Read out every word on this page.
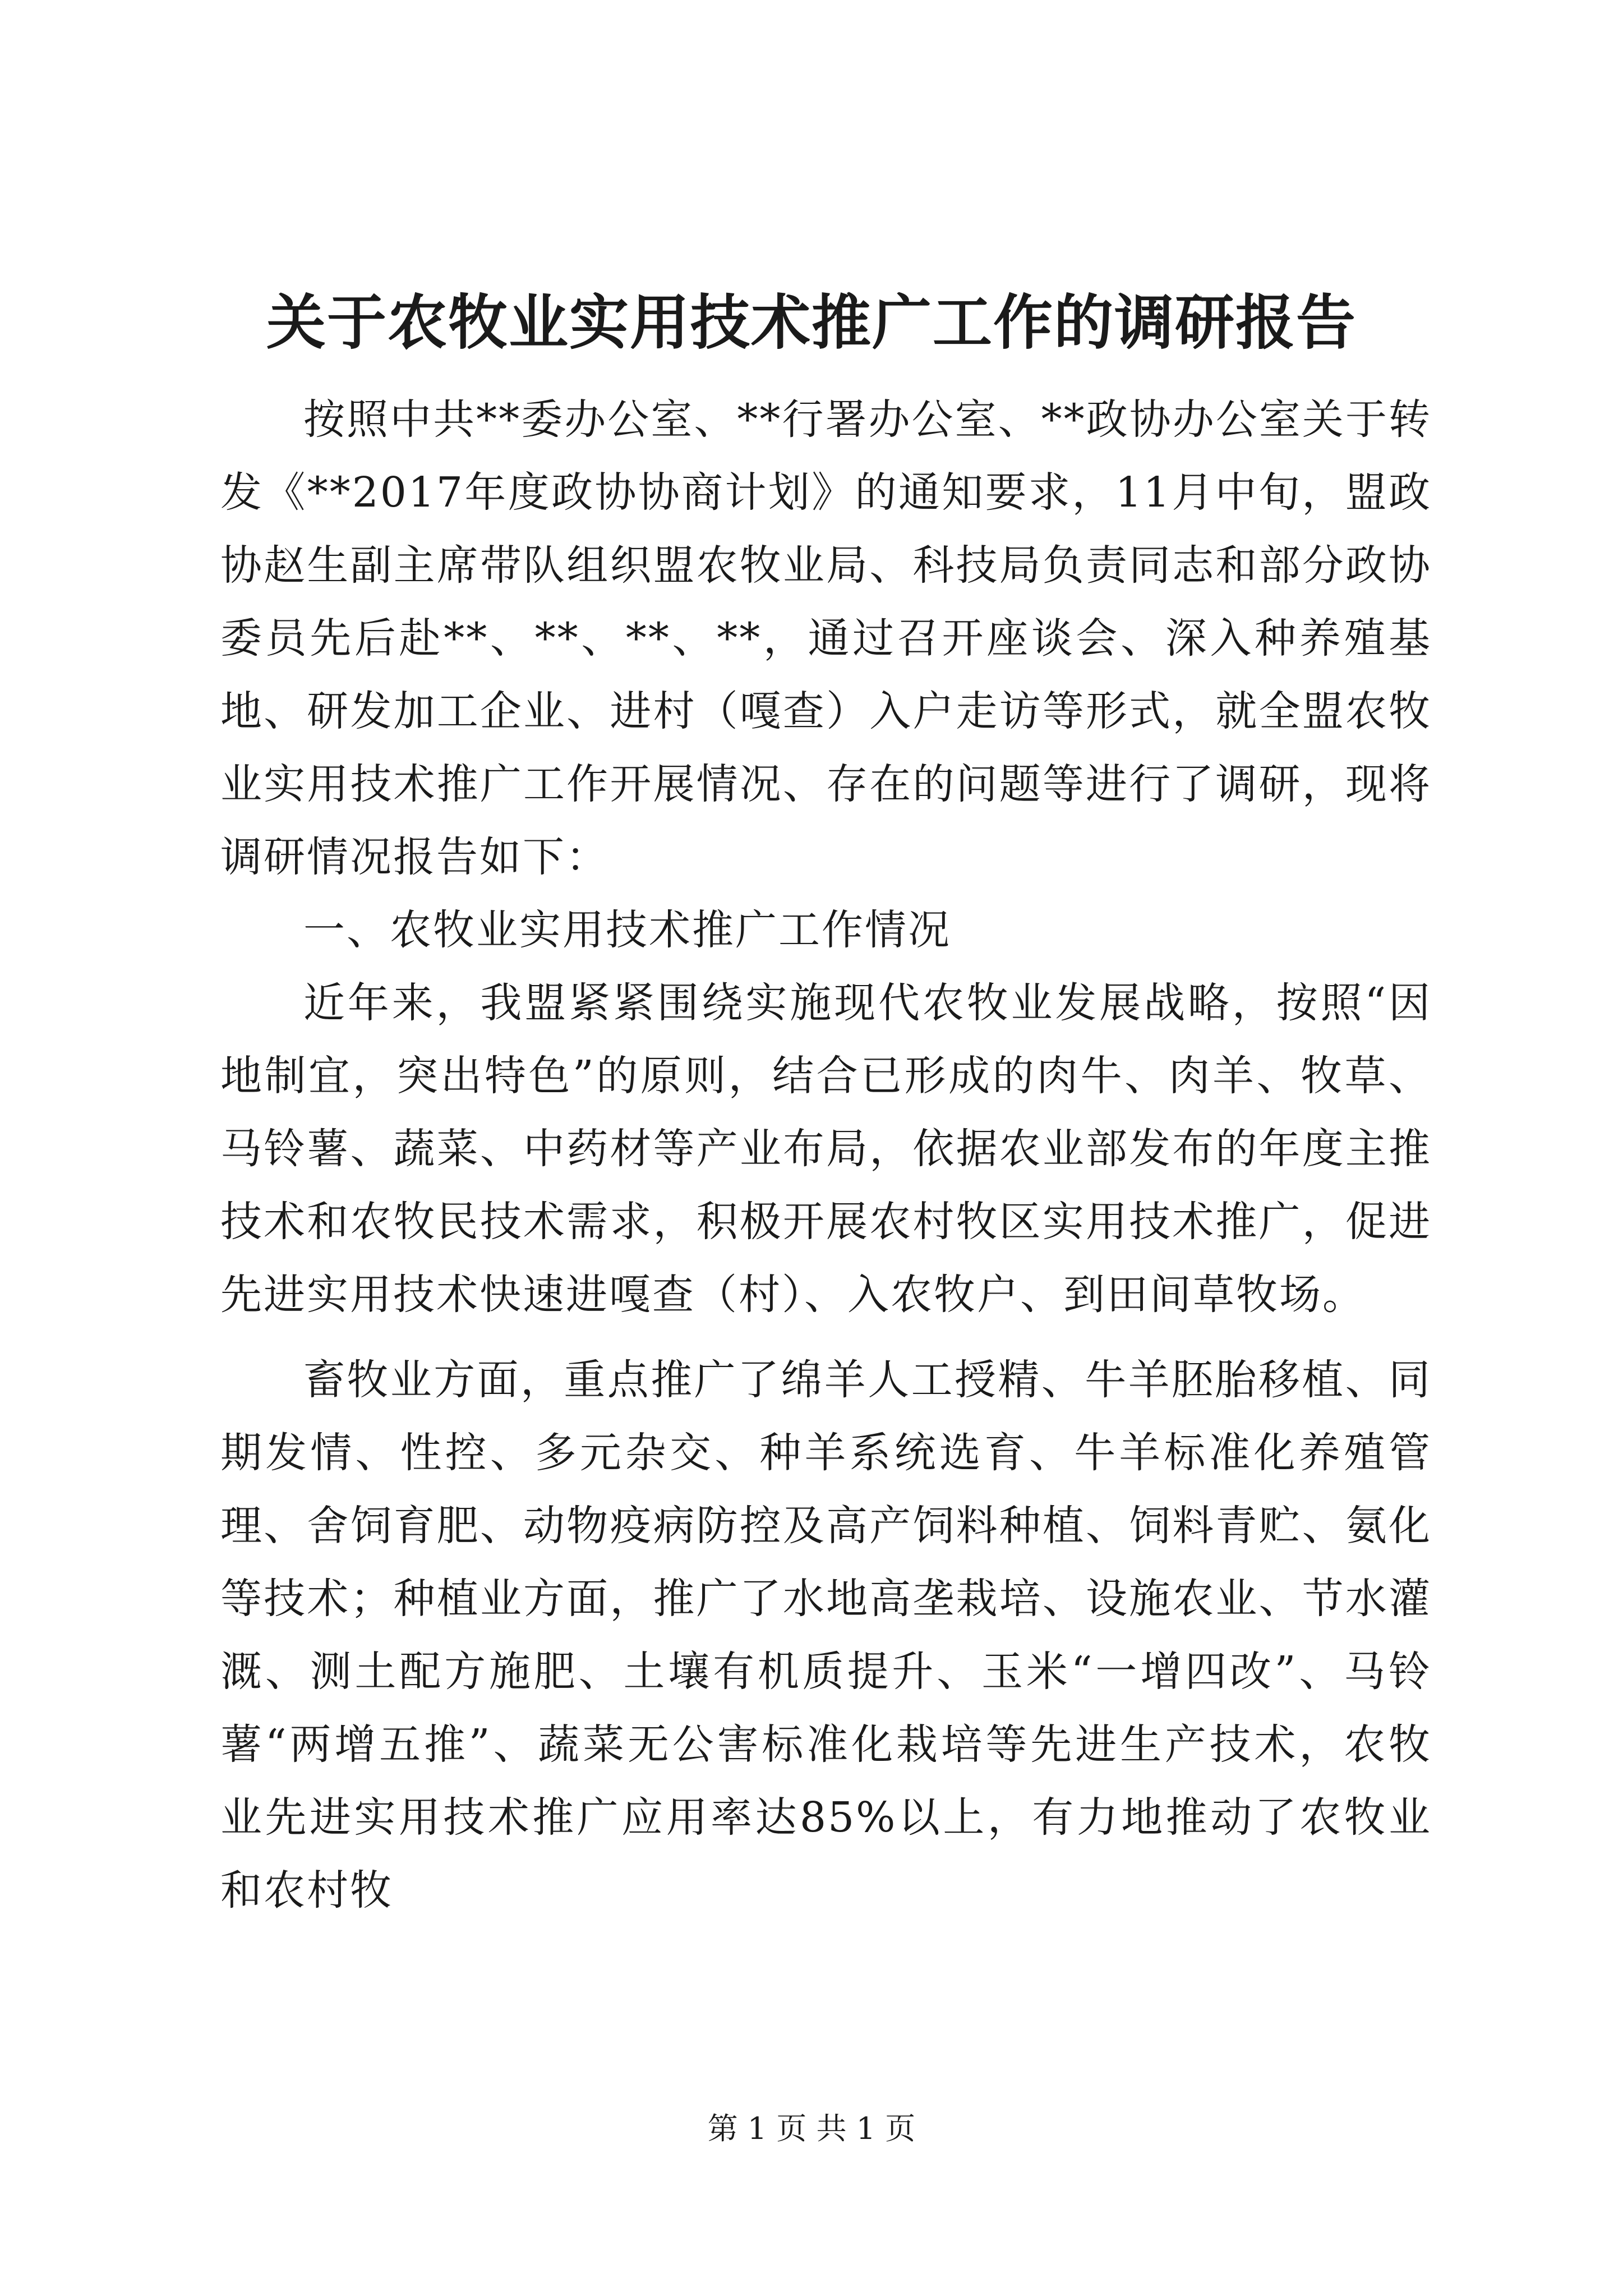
关于农牧业实用技术推广工作的调研报告

按照中共**委办公室、**行署办公室、**政协办公室关于转发《**2017年度政协协商计划》的通知要求，11月中旬，盟政协赵生副主席带队组织盟农牧业局、科技局负责同志和部分政协委员先后赴**、**、**、**，通过召开座谈会、深入种养殖基地、研发加工企业、进村（嘎查）入户走访等形式，就全盟农牧业实用技术推广工作开展情况、存在的问题等进行了调研，现将调研情况报告如下：

一、农牧业实用技术推广工作情况

近年来，我盟紧紧围绕实施现代农牧业发展战略，按照“因地制宜，突出特色”的原则，结合已形成的肉牛、肉羊、牧草、马铃薯、蔬菜、中药材等产业布局，依据农业部发布的年度主推技术和农牧民技术需求，积极开展农村牧区实用技术推广，促进先进实用技术快速进嘎查（村）、入农牧户、到田间草牧场。

畜牧业方面，重点推广了绵羊人工授精、牛羊胚胎移植、同期发情、性控、多元杂交、种羊系统选育、牛羊标准化养殖管理、舍饲育肥、动物疫病防控及高产饲料种植、饲料青贮、氨化等技术；种植业方面，推广了水地高垄栽培、设施农业、节水灌溉、测土配方施肥、土壤有机质提升、玉米“一增四改”、马铃薯“两增五推”、蔬菜无公害标准化栽培等先进生产技术，农牧业先进实用技术推广应用率达85%以上，有力地推动了农牧业和农村牧

第 1 页 共 1 页
